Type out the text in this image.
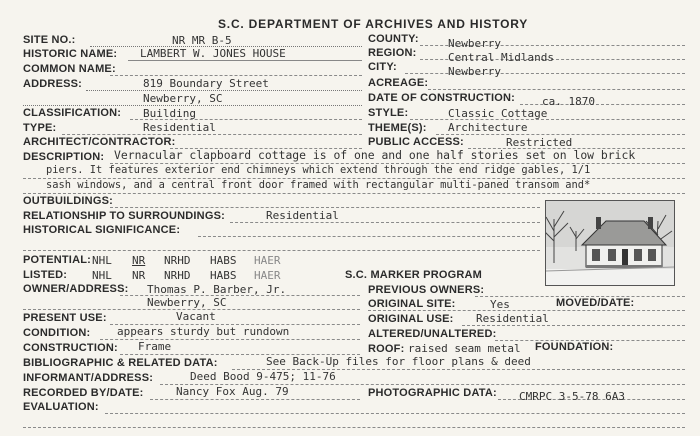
S.C. DEPARTMENT OF ARCHIVES AND HISTORY
SITE NO.:	NR MR B-5
HISTORIC NAME: LAMBERT W. JONES HOUSE
COMMON NAME:
ADDRESS:	819 Boundary Street
Newberry, SC
CLASSIFICATION: Building
TYPE:	Residential
ARCHITECT/CONTRACTOR:
COUNTY:	Newberry
REGION:	Central Midlands
CITY:	Newberry
ACREAGE:
DATE OF CONSTRUCTION: ca. 1870
STYLE:	Classic Cottage
THEME(S): Architecture
PUBLIC ACCESS:	Restricted
DESCRIPTION: Vernacular clapboard cottage is of one and one half stories set on low brick
piers. It features exterior end chimneys which extend through the end ridge gables, 1/1
sash windows, and a central front door framed with rectangular multi-paned transom and*
OUTBUILDINGS:
RELATIONSHIP TO SURROUNDINGS:	Residential
HISTORICAL SIGNIFICANCE:
POTENTIAL: NHL NR NRHD HABS HAER
LISTED: NHL NR NRHD HABS HAER	S.C. MARKER PROGRAM
OWNER/ADDRESS: Thomas P. Barber, Jr.
Newberry, SC
PRESENT USE:	Vacant
CONDITION: appears sturdy but rundown
CONSTRUCTION: Frame
BIBLIOGRAPHIC & RELATED DATA:	See Back-Up files for floor plans & deed
INFORMANT/ADDRESS:	Deed Bood 9-475; 11-76
RECORDED BY/DATE:	Nancy Fox Aug. 79
EVALUATION:
PREVIOUS OWNERS:
ORIGINAL SITE:	Yes	MOVED/DATE:
ORIGINAL USE: Residential
ALTERED/UNALTERED:
ROOF: raised seam metal FOUNDATION:
PHOTOGRAPHIC DATA: CMRPC 3-5-78 6A3
